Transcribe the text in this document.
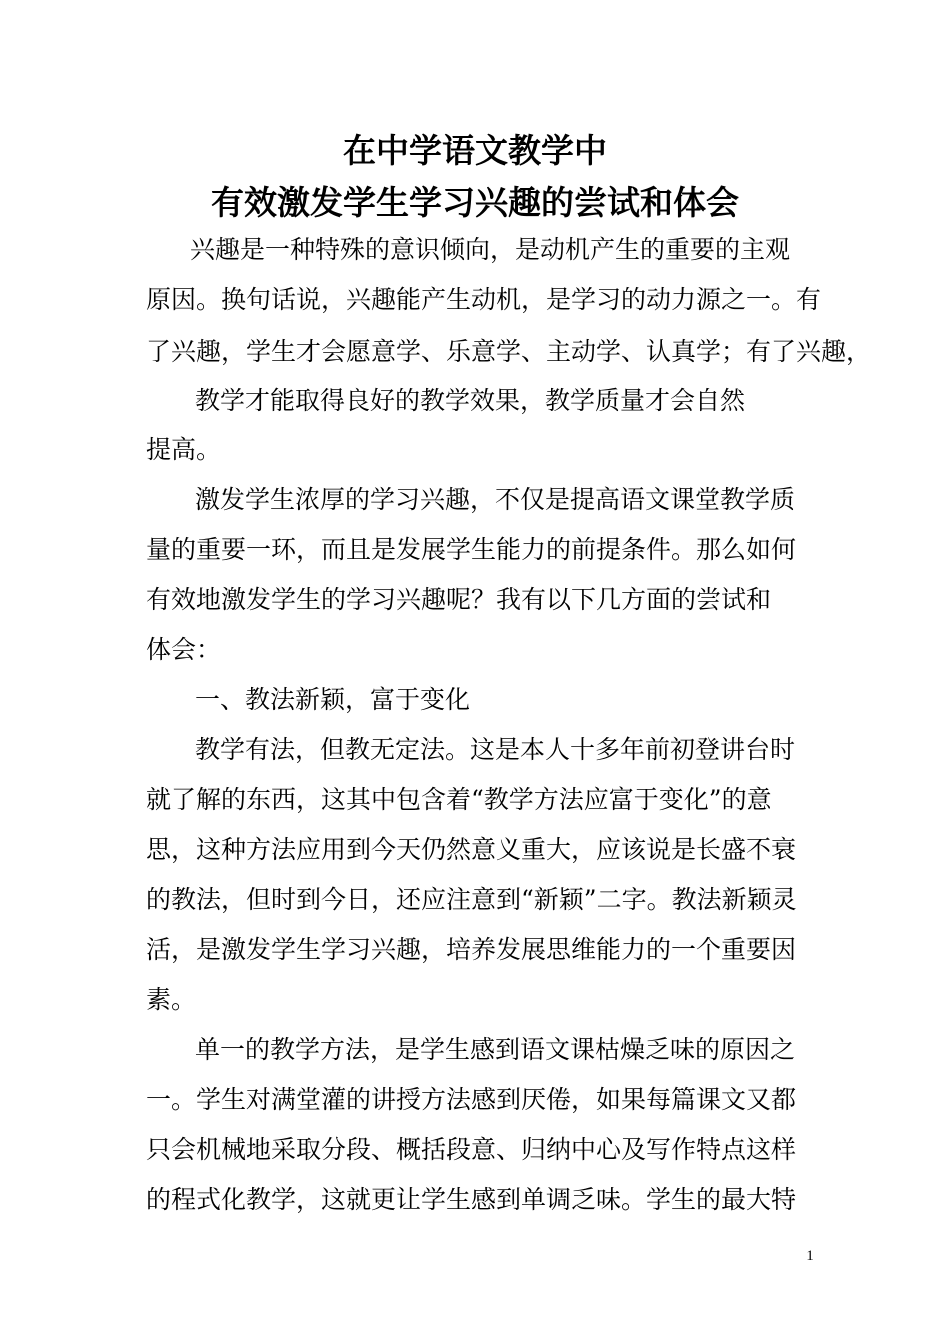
在中学语文教学中
有效激发学生学习兴趣的尝试和体会
兴趣是一种特殊的意识倾向，是动机产生的重要的主观
原因。换句话说，兴趣能产生动机，是学习的动力源之一。有
了兴趣，学生才会愿意学、乐意学、主动学、认真学；有了兴趣，
教学才能取得良好的教学效果，教学质量才会自然
提高。
激发学生浓厚的学习兴趣，不仅是提高语文课堂教学质
量的重要一环，而且是发展学生能力的前提条件。那么如何
有效地激发学生的学习兴趣呢？我有以下几方面的尝试和
体会：
一、教法新颖，富于变化
教学有法，但教无定法。这是本人十多年前初登讲台时
就了解的东西，这其中包含着“教学方法应富于变化”的意
思，这种方法应用到今天仍然意义重大，应该说是长盛不衰
的教法，但时到今日，还应注意到“新颖”二字。教法新颖灵
活，是激发学生学习兴趣，培养发展思维能力的一个重要因
素。
单一的教学方法，是学生感到语文课枯燥乏味的原因之
一。学生对满堂灌的讲授方法感到厌倦，如果每篇课文又都
只会机械地采取分段、概括段意、归纳中心及写作特点这样
的程式化教学，这就更让学生感到单调乏味。学生的最大特
1
